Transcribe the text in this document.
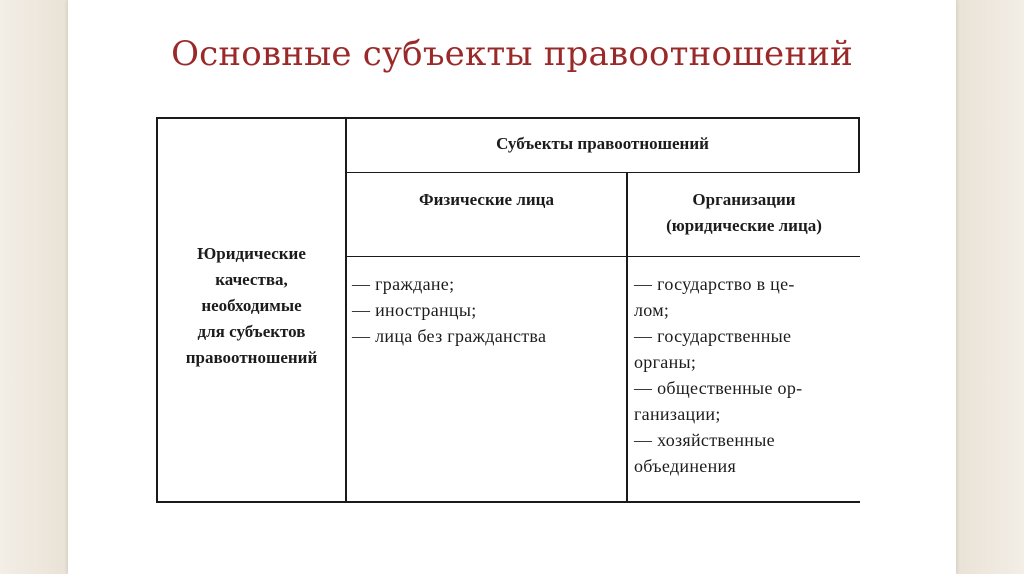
Основные субъекты правоотношений
Юридические
качества,
необходимые
для субъектов
правоотношений
Субъекты правоотношений
Физические лица	Организации
(юридические лица)
— граждане;
— иностранцы;
— лица без гражданства
— государство в це-
лом;
— государственные
органы;
— общественные ор-
ганизации;
— хозяйственные
объединения
